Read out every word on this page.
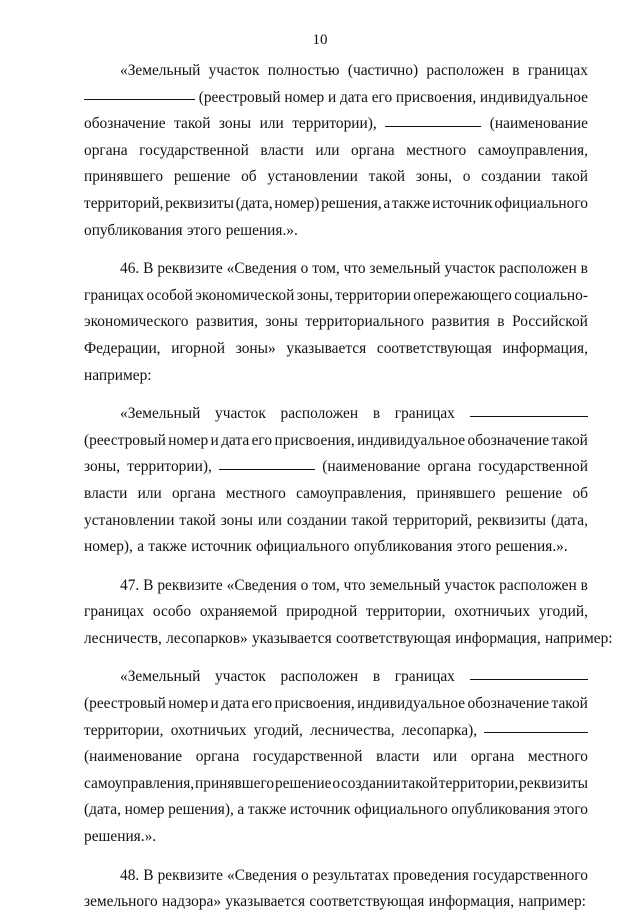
10
«Земельный участок полностью (частично) расположен в границах
(реестровый номер и дата его присвоения, индивидуальное
обозначение такой зоны или территории),	(наименование
органа государственной власти или органа местного самоуправления,
принявшего решение об установлении такой зоны, о создании такой
территорий, реквизиты (дата, номер) решения, а также источник официального
опубликования этого решения.».
46. В реквизите «Сведения о том, что земельный участок расположен в
границах особой экономической зоны, территории опережающего социально-
экономического развития, зоны территориального развития в Российской
Федерации, игорной зоны» указывается соответствующая информация,
например:
«Земельный участок расположен в границах
(реестровый номер и дата его присвоения, индивидуальное обозначение такой
зоны, территории),	(наименование органа государственной
власти или органа местного самоуправления, принявшего решение об
установлении такой зоны или создании такой территорий, реквизиты (дата,
номер), а также источник официального опубликования этого решения.».
47. В реквизите «Сведения о том, что земельный участок расположен в
границах особо охраняемой природной территории, охотничьих угодий,
лесничеств, лесопарков» указывается соответствующая информация, например:
«Земельный участок расположен в границах
(реестровый номер и дата его присвоения, индивидуальное обозначение такой
территории, охотничьих угодий, лесничества, лесопарка),
(наименование органа государственной власти или органа местного
самоуправления, принявшего решение о создании такой территории, реквизиты
(дата, номер решения), а также источник официального опубликования этого
решения.».
48. В реквизите «Сведения о результатах проведения государственного
земельного надзора» указывается соответствующая информация, например:
